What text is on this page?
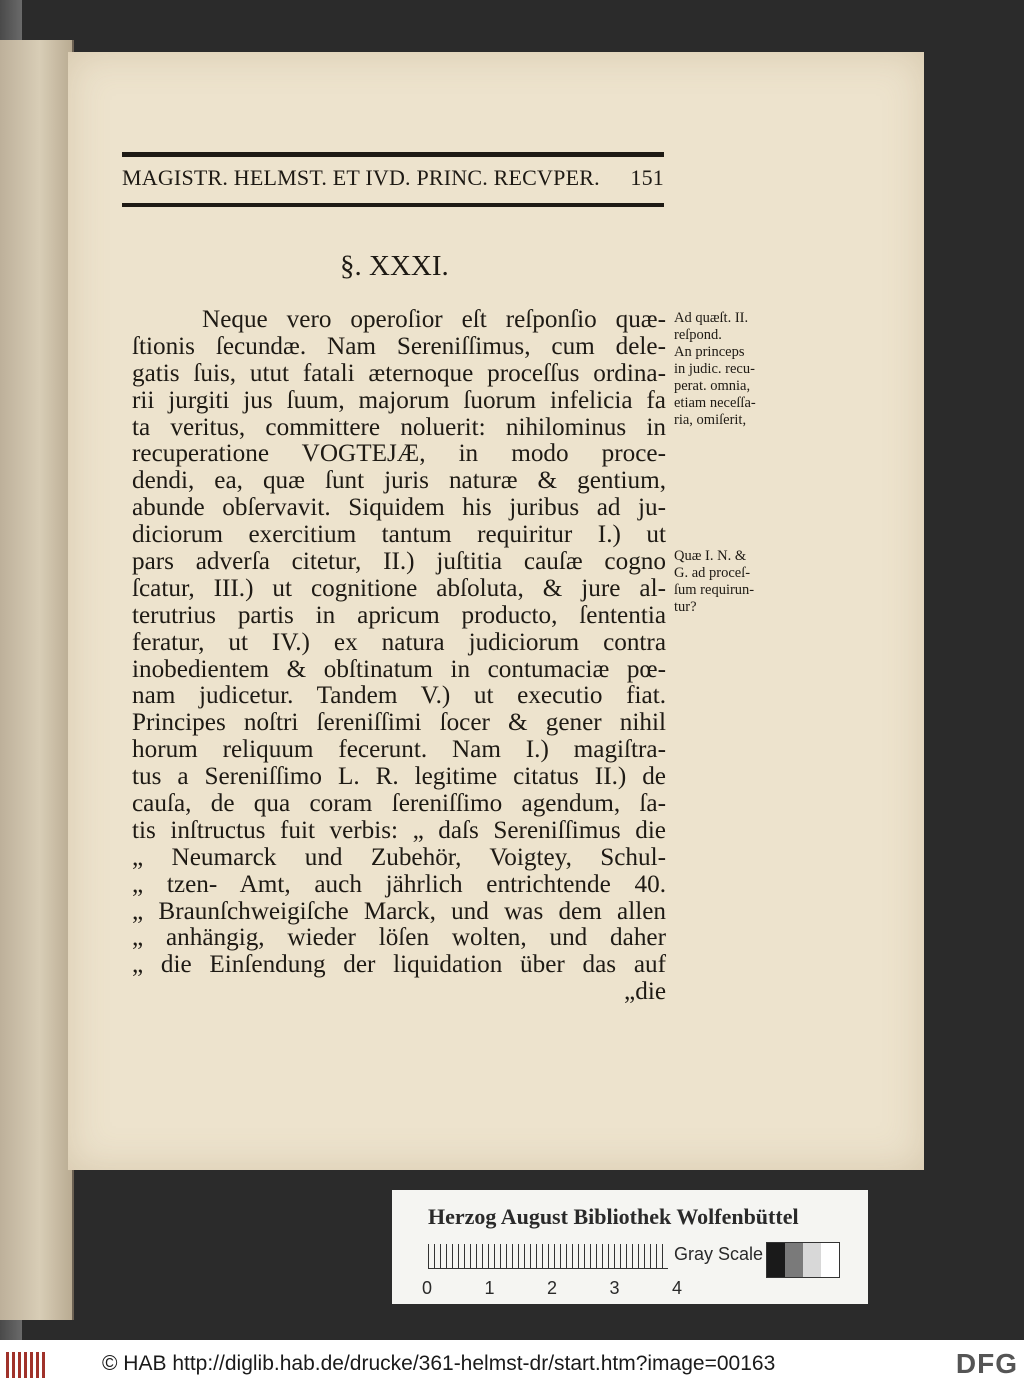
MAGISTR. HELMST. ET IVD. PRINC. RECVPER. 151
§. XXXI.
Neque vero operoſior eſt reſponſio quæ-
ſtionis ſecundæ. Nam Sereniſſimus, cum dele-
gatis ſuis, utut fatali æternoque proceſſus ordina-
rii jurgiti jus ſuum, majorum ſuorum infelicia fa
ta veritus, committere noluerit: nihilominus in
recuperatione VOGTEJÆ, in modo proce-
dendi, ea, quæ ſunt juris naturæ & gentium,
abunde obſervavit. Siquidem his juribus ad ju-
diciorum exercitium tantum requiritur I.) ut
pars adverſa citetur, II.) juſtitia cauſæ cogno
ſcatur, III.) ut cognitione abſoluta, & jure al-
terutrius partis in apricum producto, ſententia
feratur, ut IV.) ex natura judiciorum contra
inobedientem & obſtinatum in contumaciæ pœ-
nam judicetur. Tandem V.) ut executio fiat.
Principes noſtri ſereniſſimi ſocer & gener nihil
horum reliquum fecerunt. Nam I.) magiſtra-
tus a Sereniſſimo L. R. legitime citatus II.) de
cauſa, de qua coram ſereniſſimo agendum, ſa-
tis inſtructus fuit verbis: „ daſs Sereniſſimus die
„ Neumarck und Zubehör, Voigtey, Schul-
„ tzen- Amt, auch jährlich entrichtende 40.
„ Braunſchweigiſche Marck, und was dem allen
„ anhängig, wieder löſen wolten, und daher
„ die Einſendung der liquidation über das auf
„die
Ad quæſt. II.
reſpond.
An princeps
in judic. recu-
perat. omnia,
etiam neceſſa-
ria, omiſerit,
Quæ I. N. &
G. ad proceſ-
ſum requirun-
tur?
Herzog August Bibliothek Wolfenbüttel
0	1	2	3	4
Gray Scale
© HAB http://diglib.hab.de/drucke/361-helmst-dr/start.htm?image=00163	DFG
